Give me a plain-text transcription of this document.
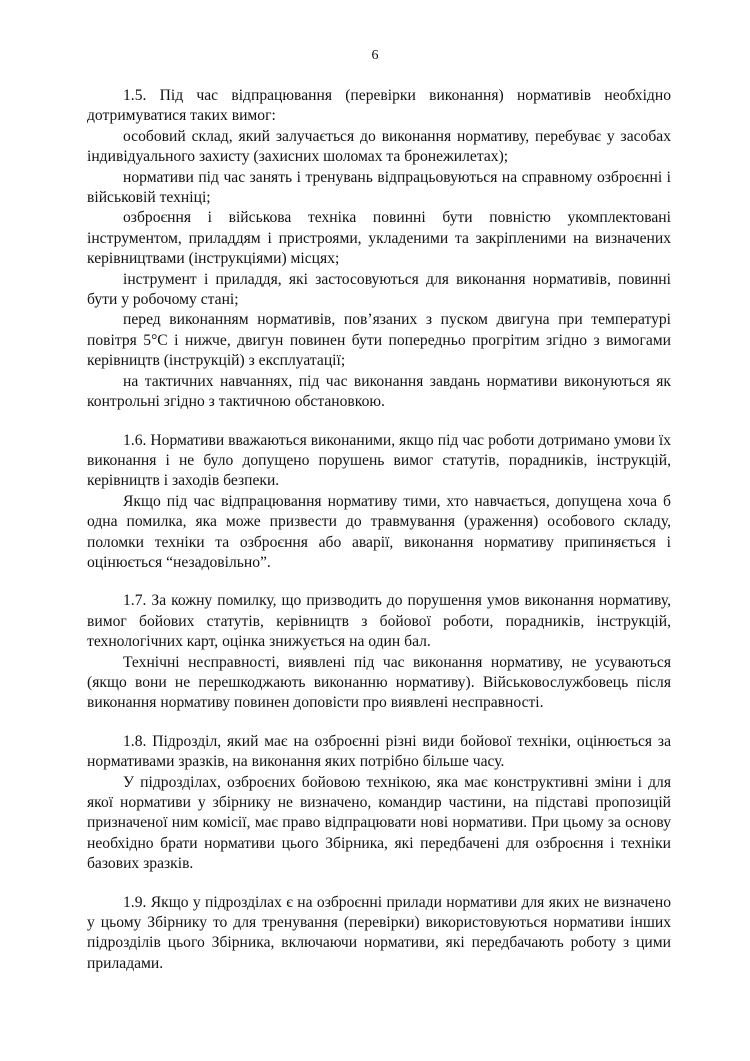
6

1.5. Під час відпрацювання (перевірки виконання) нормативів необхідно дотримуватися таких вимог:

особовий склад, який залучається до виконання нормативу, перебуває у засобах індивідуального захисту (захисних шоломах та бронежилетах);

нормативи під час занять і тренувань відпрацьовуються на справному озброєнні і військовій техніці;

озброєння і військова техніка повинні бути повністю укомплектовані інструментом, приладдям і пристроями, укладеними та закріпленими на визначених керівництвами (інструкціями) місцях;

інструмент і приладдя, які застосовуються для виконання нормативів, повинні бути у робочому стані;

перед виконанням нормативів, пов’язаних з пуском двигуна при температурі повітря 5°С і нижче, двигун повинен бути попередньо прогрітим згідно з вимогами керівництв (інструкцій) з експлуатації;

на тактичних навчаннях, під час виконання завдань нормативи виконуються як контрольні згідно з тактичною обстановкою.

1.6. Нормативи вважаються виконаними, якщо під час роботи дотримано умови їх виконання і не було допущено порушень вимог статутів, порадників, інструкцій, керівництв і заходів безпеки.

Якщо під час відпрацювання нормативу тими, хто навчається, допущена хоча б одна помилка, яка може призвести до травмування (ураження) особового складу, поломки техніки та озброєння або аварії, виконання нормативу припиняється і оцінюється “незадовільно”.

1.7. За кожну помилку, що призводить до порушення умов виконання нормативу, вимог бойових статутів, керівництв з бойової роботи, порадників, інструкцій, технологічних карт, оцінка знижується на один бал.

Технічні несправності, виявлені під час виконання нормативу, не усуваються (якщо вони не перешкоджають виконанню нормативу). Військовослужбовець після виконання нормативу повинен доповісти про виявлені несправності.

1.8. Підрозділ, який має на озброєнні різні види бойової техніки, оцінюється за нормативами зразків, на виконання яких потрібно більше часу.

У підрозділах, озброєних бойовою технікою, яка має конструктивні зміни і для якої нормативи у збірнику не визначено, командир частини, на підставі пропозицій призначеної ним комісії, має право відпрацювати нові нормативи. При цьому за основу необхідно брати нормативи цього Збірника, які передбачені для озброєння і техніки базових зразків.

1.9. Якщо у підрозділах є на озброєнні прилади нормативи для яких не визначено у цьому Збірнику то для тренування (перевірки) використовуються нормативи інших підрозділів цього Збірника, включаючи нормативи, які передбачають роботу з цими приладами.
